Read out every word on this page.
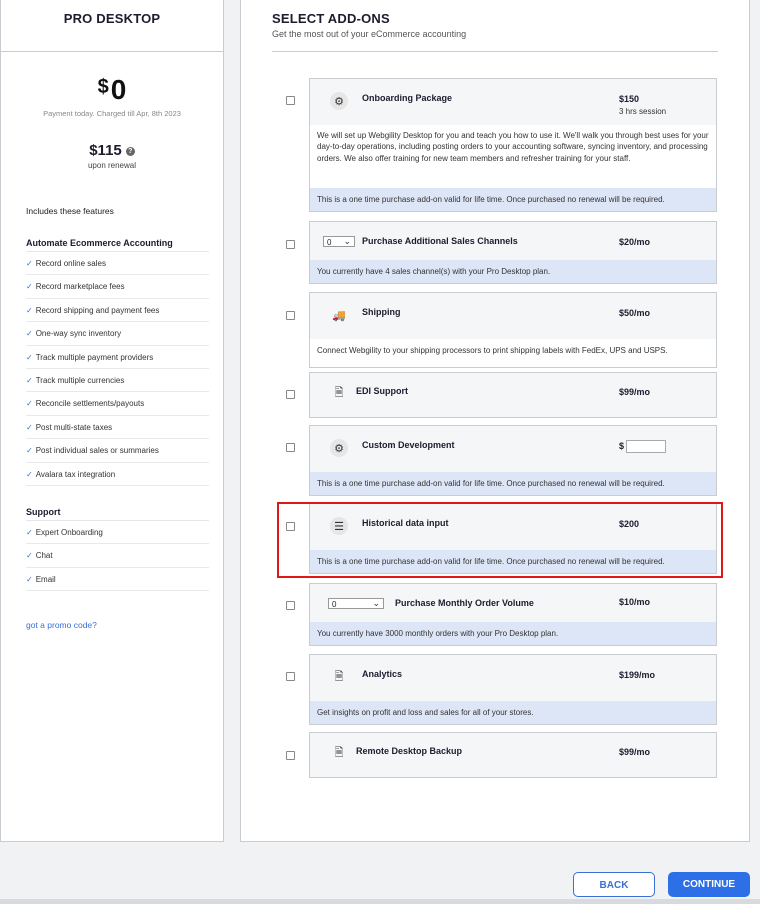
PRO DESKTOP
$0
Payment today. Charged till Apr, 8th 2023
$115 ?
upon renewal
Includes these features
Automate Ecommerce Accounting
✓ Record online sales
✓ Record marketplace fees
✓ Record shipping and payment fees
✓ One-way sync inventory
✓ Track multiple payment providers
✓ Track multiple currencies
✓ Reconcile settlements/payouts
✓ Post multi-state taxes
✓ Post individual sales or summaries
✓ Avalara tax integration
Support
✓ Expert Onboarding
✓ Chat
✓ Email
got a promo code?
SELECT ADD-ONS
Get the most out of your eCommerce accounting
⚙	Onboarding Package	$150
3 hrs session
We will set up Webgility Desktop for you and teach you how to use it. We'll walk you through best uses for your day-to-day operations, including posting orders to your accounting software, syncing inventory, and processing orders. We also offer training for new team members and refresher training for your staff.
This is a one time purchase add-on valid for life time. Once purchased no renewal will be required.
0 ⌄ Purchase Additional Sales Channels	$20/mo
You currently have 4 sales channel(s) with your Pro Desktop plan.
🚚 Shipping	$50/mo
Connect Webgility to your shipping processors to print shipping labels with FedEx, UPS and USPS.
🗎	EDI Support	$99/mo
⚙	Custom Development	$
This is a one time purchase add-on valid for life time. Once purchased no renewal will be required.
☰	Historical data input	$200
This is a one time purchase add-on valid for life time. Once purchased no renewal will be required.
0	⌄ Purchase Monthly Order Volume	$10/mo
You currently have 3000 monthly orders with your Pro Desktop plan.
🗎	Analytics	$199/mo
Get insights on profit and loss and sales for all of your stores.
🗎	Remote Desktop Backup	$99/mo
BACK	CONTINUE
